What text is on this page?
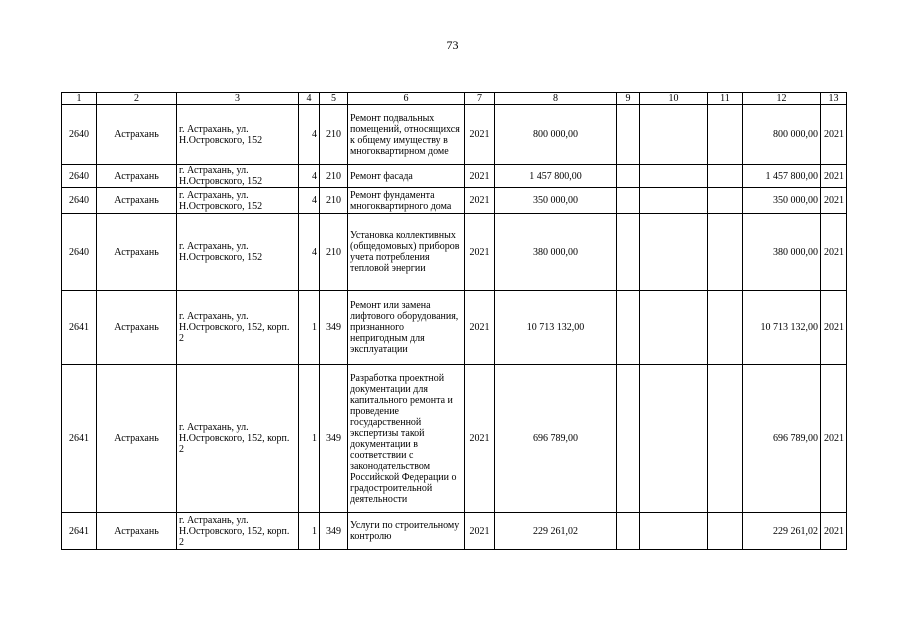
73
1	2	3	4	5	6	7	8	9	10	11	12	13
2640	Астрахань	г. Астрахань, ул. Н.Островского, 152	4	210	Ремонт подвальных помещений, относящихся к общему имуществу в многоквартирном доме	2021	800 000,00				800 000,00	2021
2640	Астрахань	г. Астрахань, ул. Н.Островского, 152	4	210	Ремонт фасада	2021	1 457 800,00				1 457 800,00	2021
2640	Астрахань	г. Астрахань, ул. Н.Островского, 152	4	210	Ремонт фундамента многоквартирного дома	2021	350 000,00				350 000,00	2021
2640	Астрахань	г. Астрахань, ул. Н.Островского, 152	4	210	Установка коллективных (общедомовых) приборов учета потребления тепловой энергии	2021	380 000,00				380 000,00	2021
2641	Астрахань	г. Астрахань, ул. Н.Островского, 152, корп. 2	1	349	Ремонт или замена лифтового оборудования, признанного непригодным для эксплуатации	2021	10 713 132,00				10 713 132,00	2021
2641	Астрахань	г. Астрахань, ул. Н.Островского, 152, корп. 2	1	349	Разработка проектной документации для капитального ремонта и проведение государственной экспертизы такой документации в соответствии с законодательством Российской Федерации о градостроительной деятельности	2021	696 789,00				696 789,00	2021
2641	Астрахань	г. Астрахань, ул. Н.Островского, 152, корп. 2	1	349	Услуги по строительному контролю	2021	229 261,02				229 261,02	2021
